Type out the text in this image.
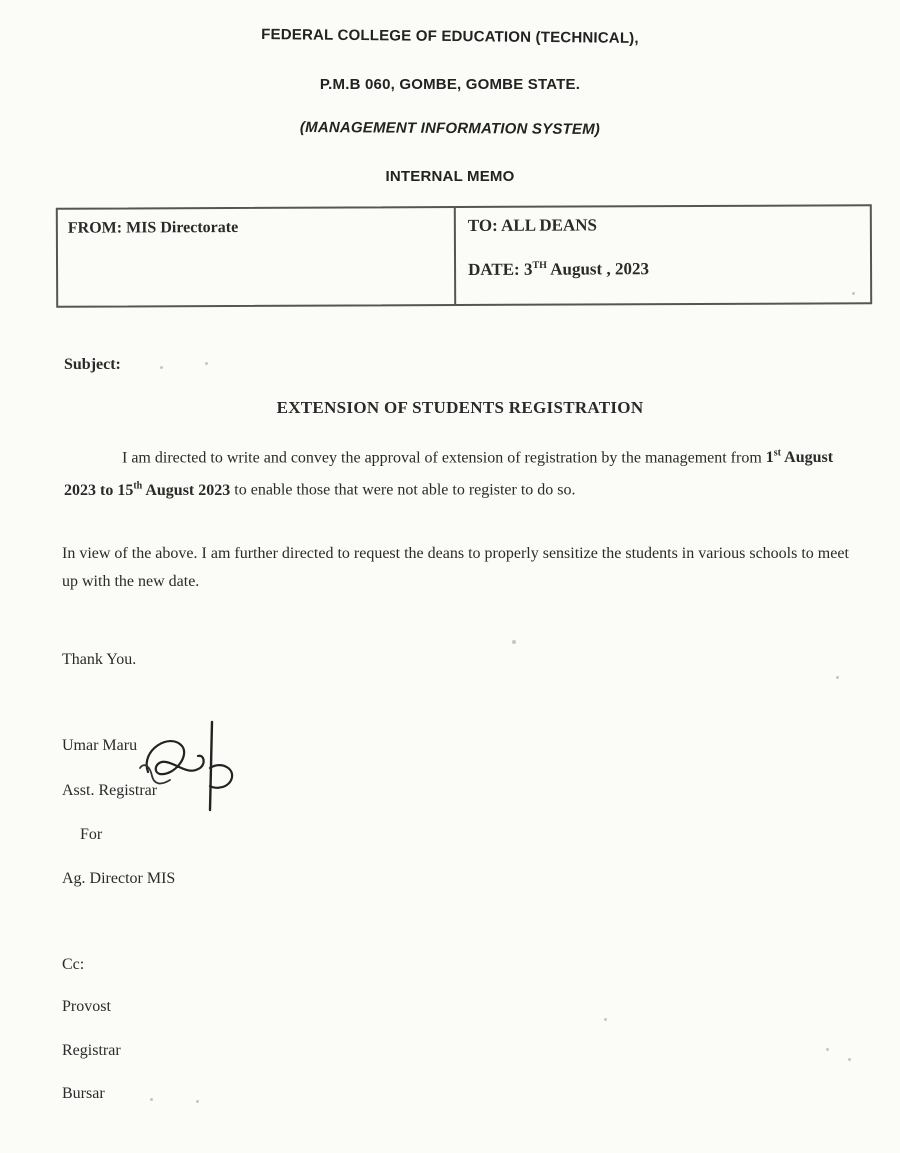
FEDERAL COLLEGE OF EDUCATION (TECHNICAL),
P.M.B 060, GOMBE, GOMBE STATE.
(MANAGEMENT INFORMATION SYSTEM)
INTERNAL MEMO
FROM: MIS Directorate	TO: ALL DEANS
DATE: 3TH August , 2023
Subject:
EXTENSION OF STUDENTS REGISTRATION
I am directed to write and convey the approval of extension of registration by the management from 1st August 2023 to 15th August 2023 to enable those that were not able to register to do so.
In view of the above. I am further directed to request the deans to properly sensitize the students in various schools to meet up with the new date.
Thank You.
Umar Maru
Asst. Registrar
For
Ag. Director MIS
Cc:
Provost
Registrar
Bursar
